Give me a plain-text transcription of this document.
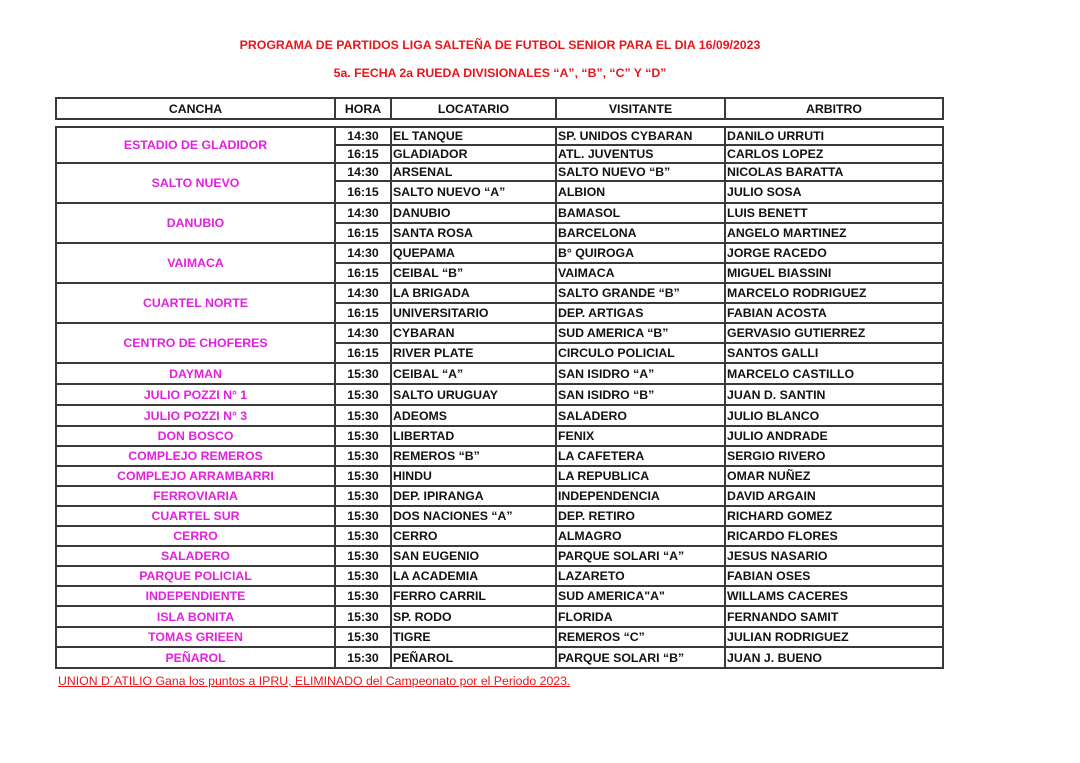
PROGRAMA DE PARTIDOS LIGA SALTEÑA DE FUTBOL SENIOR PARA EL DIA 16/09/2023
5a. FECHA 2a RUEDA DIVISIONALES “A”, “B”, “C” Y “D”
CANCHA	HORA	LOCATARIO	VISITANTE	ARBITRO
ESTADIO DE GLADIDOR	14:30	EL TANQUE	SP. UNIDOS CYBARAN	DANILO URRUTI
	16:15	GLADIADOR	ATL. JUVENTUS	CARLOS LOPEZ
SALTO NUEVO	14:30	ARSENAL	SALTO NUEVO “B”	NICOLAS BARATTA
	16:15	SALTO NUEVO “A”	ALBION	JULIO SOSA
DANUBIO	14:30	DANUBIO	BAMASOL	LUIS BENETT
	16:15	SANTA ROSA	BARCELONA	ANGELO MARTINEZ
VAIMACA	14:30	QUEPAMA	B° QUIROGA	JORGE RACEDO
	16:15	CEIBAL “B”	VAIMACA	MIGUEL BIASSINI
CUARTEL NORTE	14:30	LA BRIGADA	SALTO GRANDE “B”	MARCELO RODRIGUEZ
	16:15	UNIVERSITARIO	DEP. ARTIGAS	FABIAN ACOSTA
CENTRO DE CHOFERES	14:30	CYBARAN	SUD AMERICA “B”	GERVASIO GUTIERREZ
	16:15	RIVER PLATE	CIRCULO POLICIAL	SANTOS GALLI
DAYMAN	15:30	CEIBAL “A”	SAN ISIDRO “A”	MARCELO CASTILLO
JULIO POZZI N° 1	15:30	SALTO URUGUAY	SAN ISIDRO “B”	JUAN D. SANTIN
JULIO POZZI N° 3	15:30	ADEOMS	SALADERO	JULIO BLANCO
DON BOSCO	15:30	LIBERTAD	FENIX	JULIO ANDRADE
COMPLEJO REMEROS	15:30	REMEROS “B”	LA CAFETERA	SERGIO RIVERO
COMPLEJO ARRAMBARRI	15:30	HINDU	LA REPUBLICA	OMAR NUÑEZ
FERROVIARIA	15:30	DEP. IPIRANGA	INDEPENDENCIA	DAVID ARGAIN
CUARTEL SUR	15:30	DOS NACIONES “A”	DEP. RETIRO	RICHARD GOMEZ
CERRO	15:30	CERRO	ALMAGRO	RICARDO FLORES
SALADERO	15:30	SAN EUGENIO	PARQUE SOLARI “A”	JESUS NASARIO
PARQUE POLICIAL	15:30	LA ACADEMIA	LAZARETO	FABIAN OSES
INDEPENDIENTE	15:30	FERRO CARRIL	SUD AMERICA"A"	WILLAMS CACERES
ISLA BONITA	15:30	SP. RODO	FLORIDA	FERNANDO SAMIT
TOMAS GRIEEN	15:30	TIGRE	REMEROS “C”	JULIAN RODRIGUEZ
PEÑAROL	15:30	PEÑAROL	PARQUE SOLARI “B”	JUAN J. BUENO
UNION D´ATILIO Gana los puntos a IPRU, ELIMINADO del Campeonato por el Periodo 2023.
